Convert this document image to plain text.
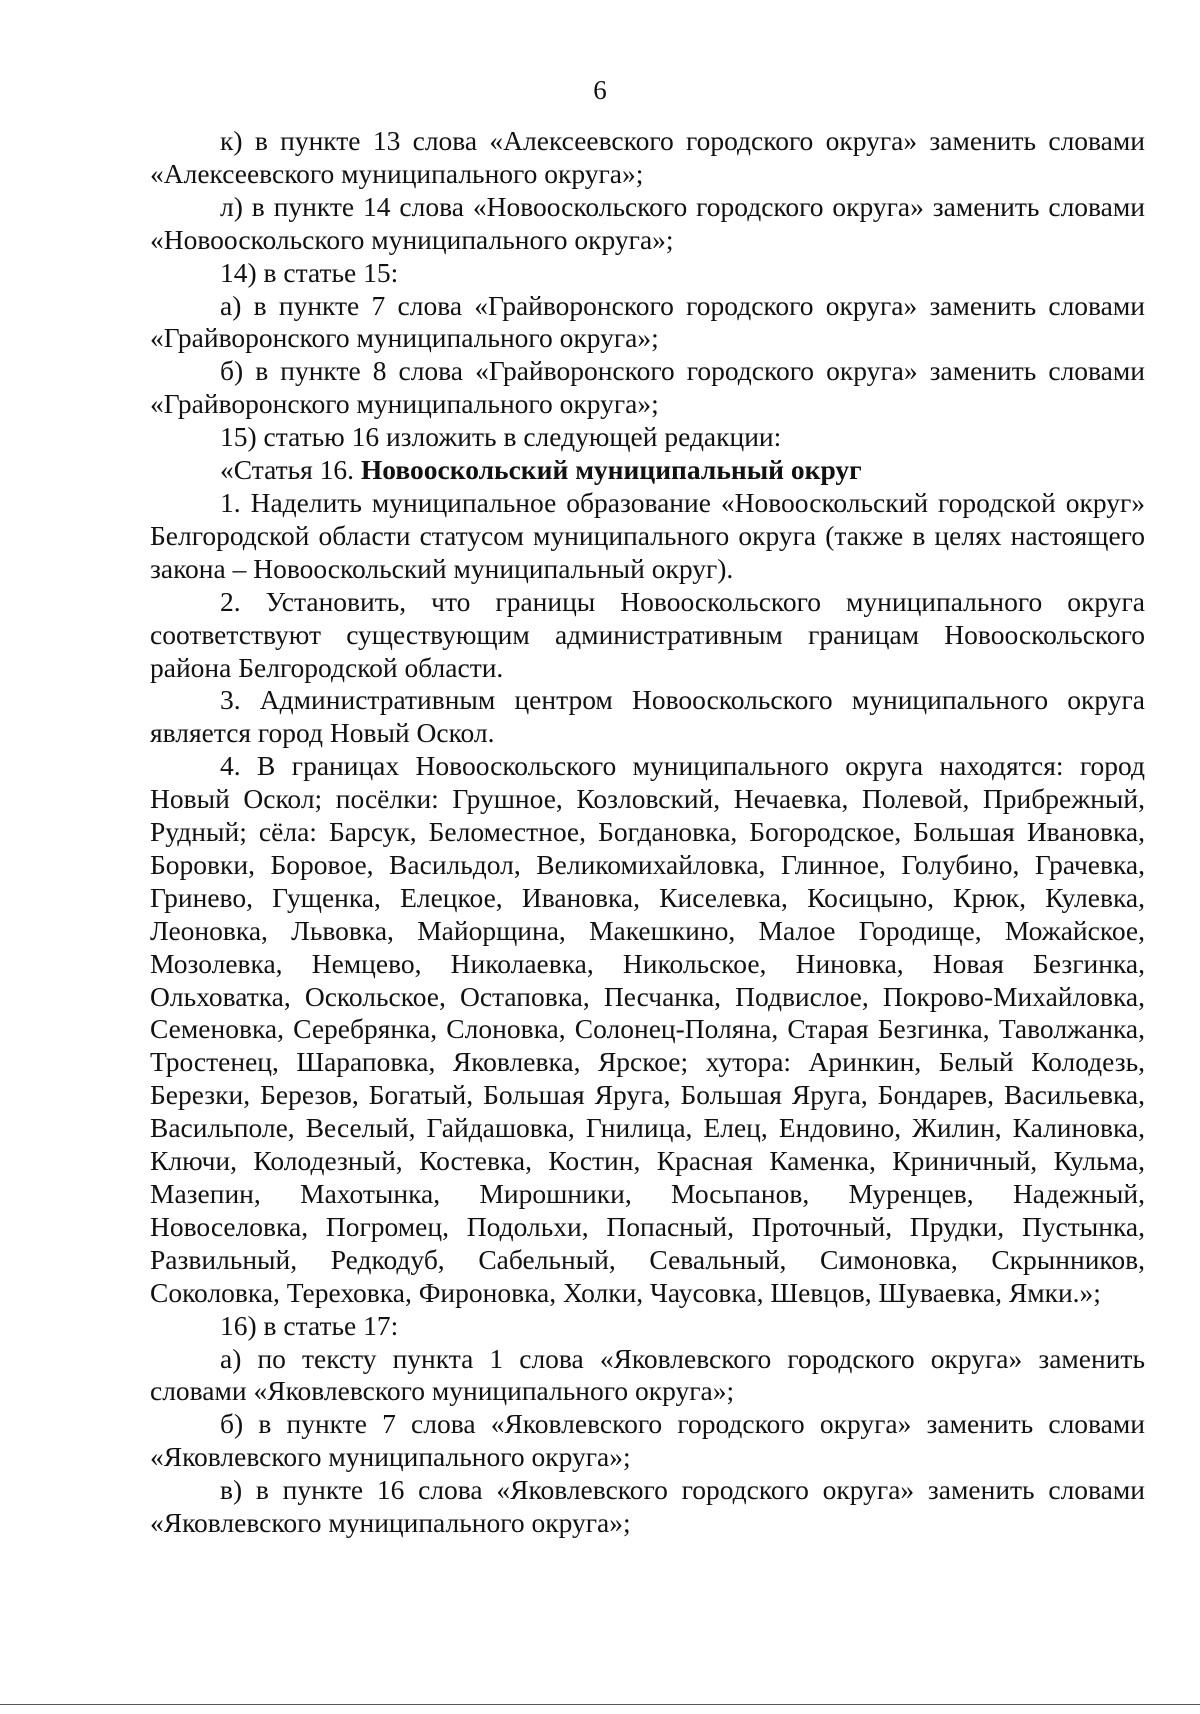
6

к) в пункте 13 слова «Алексеевского городского округа» заменить словами «Алексеевского муниципального округа»;

л) в пункте 14 слова «Новооскольского городского округа» заменить словами «Новооскольского муниципального округа»;

14) в статье 15:

а) в пункте 7 слова «Грайворонского городского округа» заменить словами «Грайворонского муниципального округа»;

б) в пункте 8 слова «Грайворонского городского округа» заменить словами «Грайворонского муниципального округа»;

15) статью 16 изложить в следующей редакции:

«Статья 16. Новооскольский муниципальный округ

1. Наделить муниципальное образование «Новооскольский городской округ» Белгородской области статусом муниципального округа (также в целях настоящего закона – Новооскольский муниципальный округ).

2. Установить, что границы Новооскольского муниципального округа соответствуют существующим административным границам Новооскольского района Белгородской области.

3. Административным центром Новооскольского муниципального округа является город Новый Оскол.

4. В границах Новооскольского муниципального округа находятся: город Новый Оскол; посёлки: Грушное, Козловский, Нечаевка, Полевой, Прибрежный, Рудный; сёла: Барсук, Беломестное, Богдановка, Богородское, Большая Ивановка, Боровки, Боровое, Васильдол, Великомихайловка, Глинное, Голубино, Грачевка, Гринево, Гущенка, Елецкое, Ивановка, Киселевка, Косицыно, Крюк, Кулевка, Леоновка, Львовка, Майорщина, Макешкино, Малое Городище, Можайское, Мозолевка, Немцево, Николаевка, Никольское, Ниновка, Новая Безгинка, Ольховатка, Оскольское, Остаповка, Песчанка, Подвислое, Покрово-Михайловка, Семеновка, Серебрянка, Слоновка, Солонец-Поляна, Старая Безгинка, Таволжанка, Тростенец, Шараповка, Яковлевка, Ярское; хутора: Аринкин, Белый Колодезь, Березки, Березов, Богатый, Большая Яруга, Большая Яруга, Бондарев, Васильевка, Васильполе, Веселый, Гайдашовка, Гнилица, Елец, Ендовино, Жилин, Калиновка, Ключи, Колодезный, Костевка, Костин, Красная Каменка, Криничный, Кульма, Мазепин, Махотынка, Мирошники, Мосьпанов, Муренцев, Надежный, Новоселовка, Погромец, Подольхи, Попасный, Проточный, Прудки, Пустынка, Развильный, Редкодуб, Сабельный, Севальный, Симоновка, Скрынников, Соколовка, Тереховка, Фироновка, Холки, Чаусовка, Шевцов, Шуваевка, Ямки.»;

16) в статье 17:

а) по тексту пункта 1 слова «Яковлевского городского округа» заменить словами «Яковлевского муниципального округа»;

б) в пункте 7 слова «Яковлевского городского округа» заменить словами «Яковлевского муниципального округа»;

в) в пункте 16 слова «Яковлевского городского округа» заменить словами «Яковлевского муниципального округа»;
